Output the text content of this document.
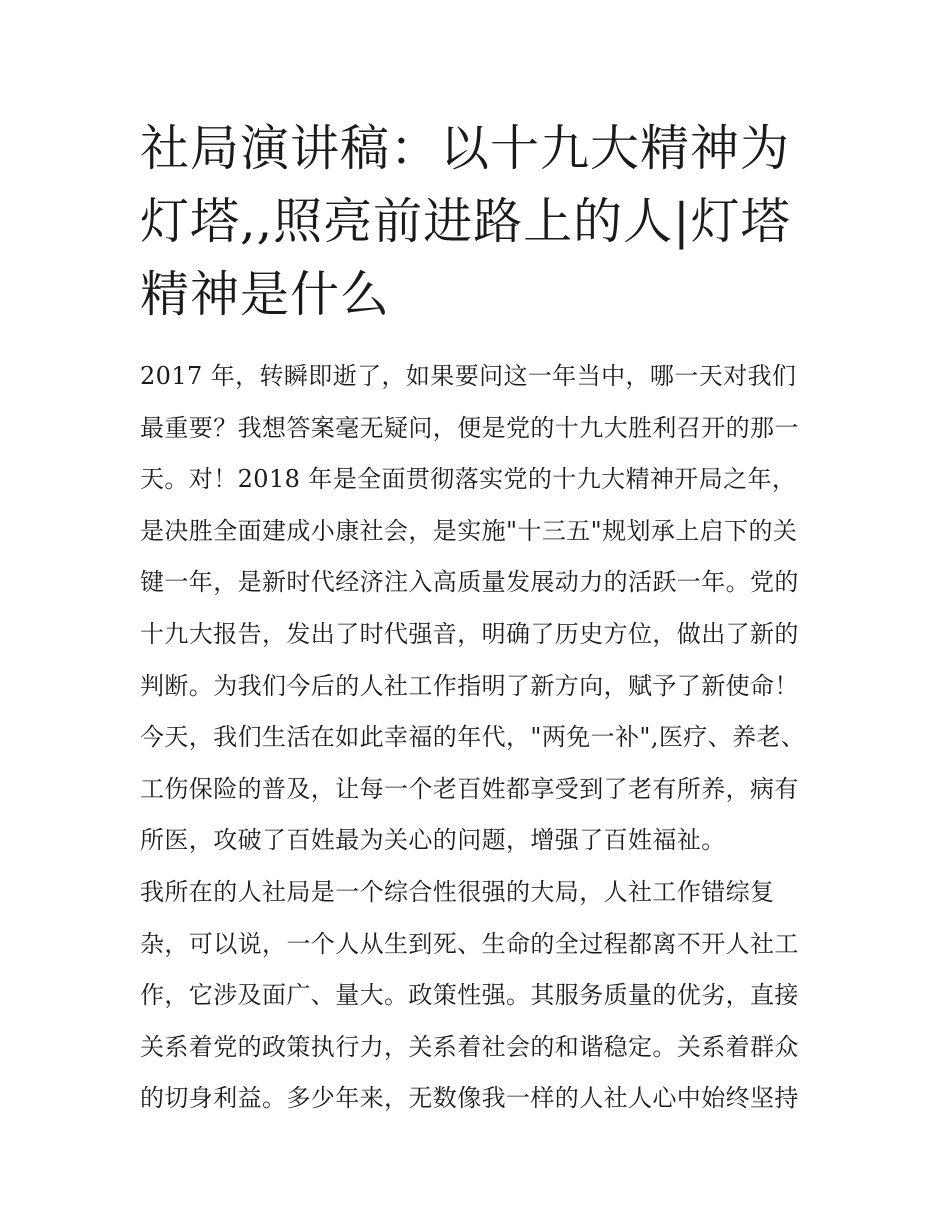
社局演讲稿：以十九大精神为
灯塔,,照亮前进路上的人|灯塔
精神是什么
2017 年，转瞬即逝了，如果要问这一年当中，哪一天对我们
最重要？我想答案毫无疑问，便是党的十九大胜利召开的那一
天。对！2018 年是全面贯彻落实党的十九大精神开局之年，
是决胜全面建成小康社会，是实施"十三五"规划承上启下的关
键一年，是新时代经济注入高质量发展动力的活跃一年。党的
十九大报告，发出了时代强音，明确了历史方位，做出了新的
判断。为我们今后的人社工作指明了新方向，赋予了新使命！
今天，我们生活在如此幸福的年代，"两免一补",医疗、养老、
工伤保险的普及，让每一个老百姓都享受到了老有所养，病有
所医，攻破了百姓最为关心的问题，增强了百姓福祉。
我所在的人社局是一个综合性很强的大局，人社工作错综复
杂，可以说，一个人从生到死、生命的全过程都离不开人社工
作，它涉及面广、量大。政策性强。其服务质量的优劣，直接
关系着党的政策执行力，关系着社会的和谐稳定。关系着群众
的切身利益。多少年来，无数像我一样的人社人心中始终坚持
